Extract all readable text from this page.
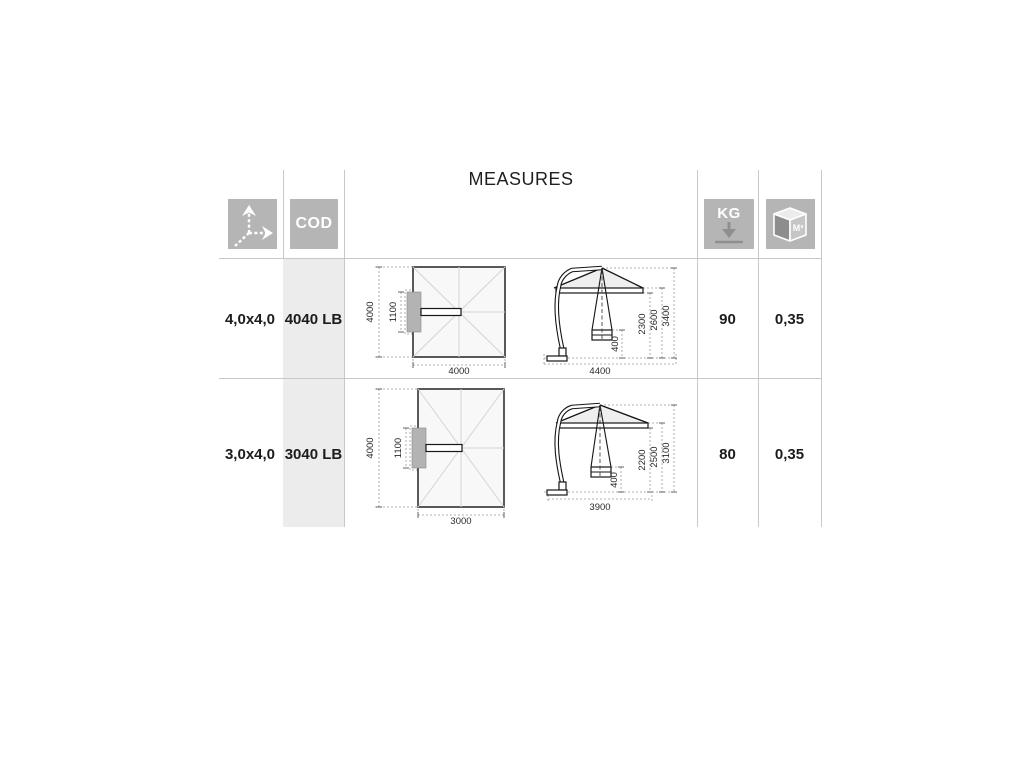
MEASURES
COD
KG
M³
4,0x4,0 4040 LB	90	0,35
3,0x4,0 3040 LB	80	0,35
4000 1100
4000
2300 2600 3400
400
4400
4000 1100
3000
2200 2500 3100
400
3900
